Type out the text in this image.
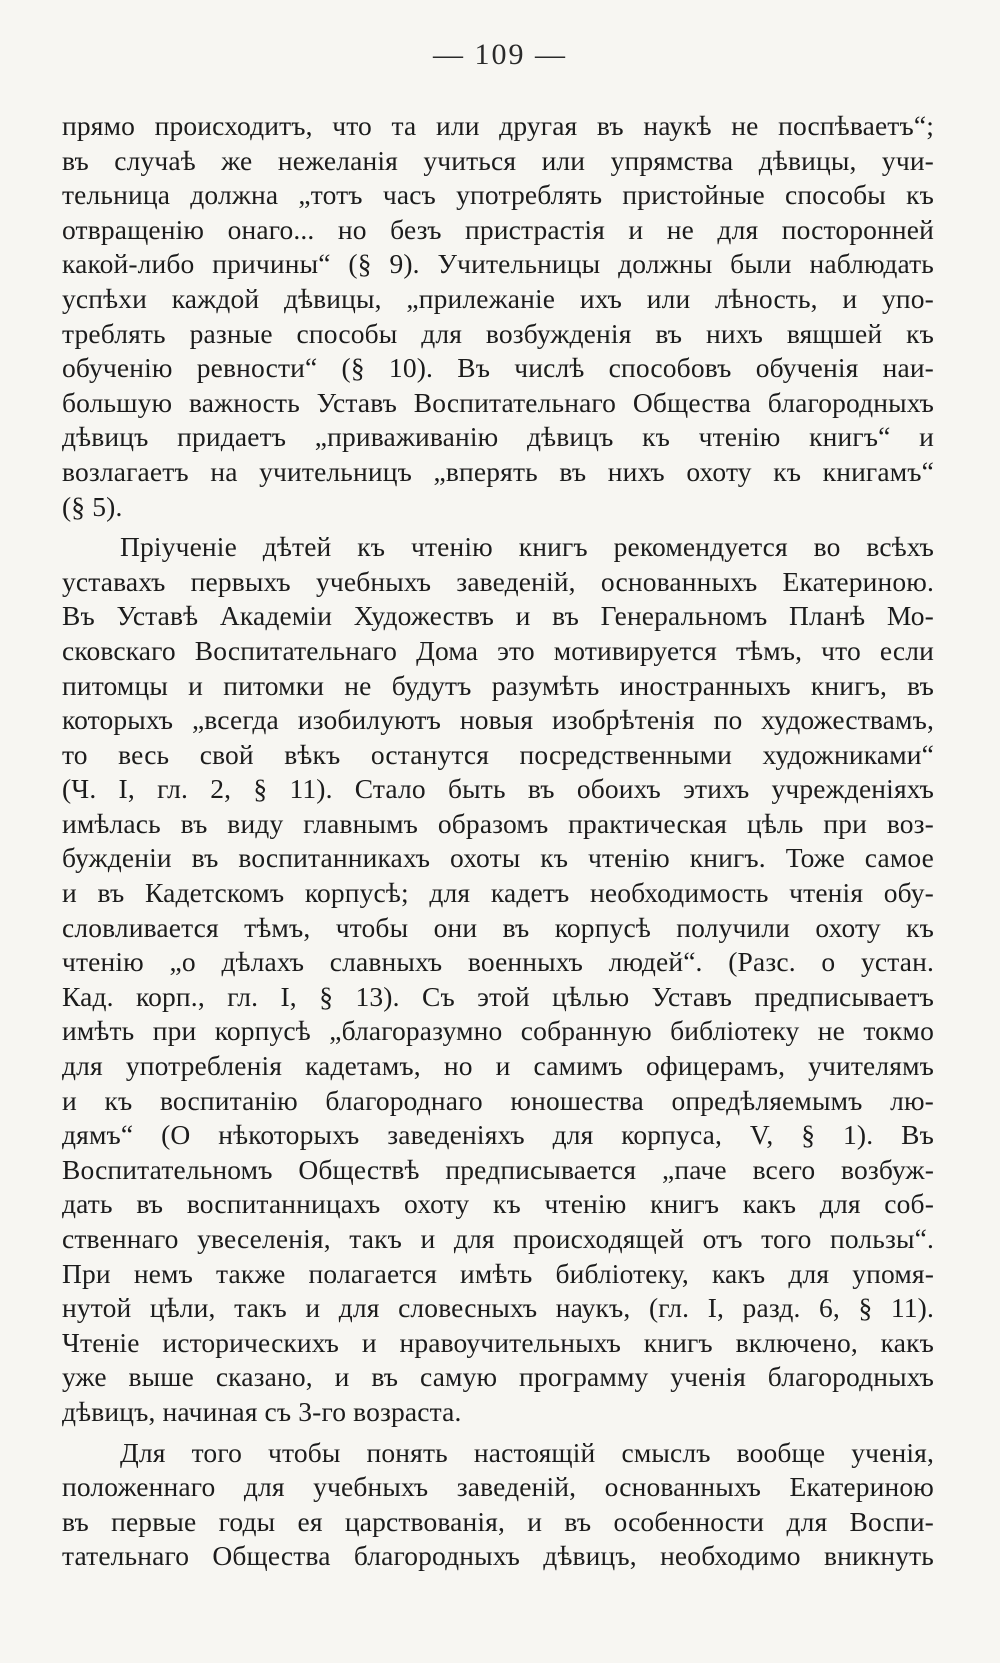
— 109 —
прямо происходитъ, что та или другая въ наукѣ не поспѣваетъ“;
въ случаѣ же нежеланія учиться или упрямства дѣвицы, учи-
тельница должна „тотъ часъ употреблять пристойные способы къ
отвращенію онаго... но безъ пристрастія и не для посторонней
какой-либо причины“ (§ 9). Учительницы должны были наблюдать
успѣхи каждой дѣвицы, „прилежаніе ихъ или лѣность, и упо-
треблять разные способы для возбужденія въ нихъ вящшей къ
обученію ревности“ (§ 10). Въ числѣ способовъ обученія наи-
большую важность Уставъ Воспитательнаго Общества благородныхъ
дѣвицъ придаетъ „приваживанію дѣвицъ къ чтенію книгъ“ и
возлагаетъ на учительницъ „вперять въ нихъ охоту къ книгамъ“
(§ 5).
Пріученіе дѣтей къ чтенію книгъ рекомендуется во всѣхъ
уставахъ первыхъ учебныхъ заведеній, основанныхъ Екатериною.
Въ Уставѣ Академіи Художествъ и въ Генеральномъ Планѣ Мо-
сковскаго Воспитательнаго Дома это мотивируется тѣмъ, что если
питомцы и питомки не будутъ разумѣть иностранныхъ книгъ, въ
которыхъ „всегда изобилуютъ новыя изобрѣтенія по художествамъ,
то весь свой вѣкъ останутся посредственными художниками“
(Ч. I, гл. 2, § 11). Стало быть въ обоихъ этихъ учрежденіяхъ
имѣлась въ виду главнымъ образомъ практическая цѣль при воз-
бужденіи въ воспитанникахъ охоты къ чтенію книгъ. Тоже самое
и въ Кадетскомъ корпусѣ; для кадетъ необходимость чтенія обу-
словливается тѣмъ, чтобы они въ корпусѣ получили охоту къ
чтенію „о дѣлахъ славныхъ военныхъ людей“. (Разс. о устан.
Кад. корп., гл. I, § 13). Съ этой цѣлью Уставъ предписываетъ
имѣть при корпусѣ „благоразумно собранную библіотеку не токмо
для употребленія кадетамъ, но и самимъ офицерамъ, учителямъ
и къ воспитанію благороднаго юношества опредѣляемымъ лю-
дямъ“ (О нѣкоторыхъ заведеніяхъ для корпуса, V, § 1). Въ
Воспитательномъ Обществѣ предписывается „паче всего возбуж-
дать въ воспитанницахъ охоту къ чтенію книгъ какъ для соб-
ственнаго увеселенія, такъ и для происходящей отъ того пользы“.
При немъ также полагается имѣть библіотеку, какъ для упомя-
нутой цѣли, такъ и для словесныхъ наукъ, (гл. I, разд. 6, § 11).
Чтеніе историческихъ и нравоучительныхъ книгъ включено, какъ
уже выше сказано, и въ самую программу ученія благородныхъ
дѣвицъ, начиная съ 3-го возраста.
Для того чтобы понять настоящій смыслъ вообще ученія,
положеннаго для учебныхъ заведеній, основанныхъ Екатериною
въ первые годы ея царствованія, и въ особенности для Воспи-
тательнаго Общества благородныхъ дѣвицъ, необходимо вникнуть
